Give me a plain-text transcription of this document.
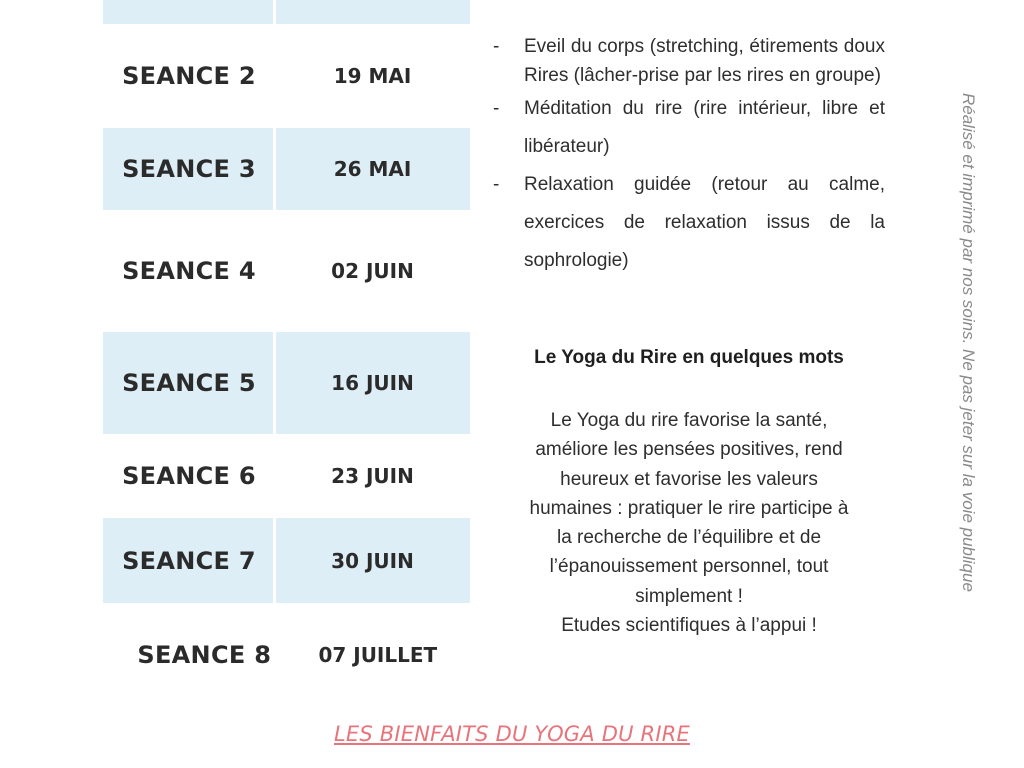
SEANCE 2	19 MAI
SEANCE 3	26 MAI
SEANCE 4	02 JUIN
SEANCE 5	16 JUIN
SEANCE 6	23 JUIN
SEANCE 7	30 JUIN
SEANCE 8	07 JUILLET
- Eveil du corps (stretching, étirements doux Rires (lâcher-prise par les rires en groupe)
- Méditation du rire (rire intérieur, libre et libérateur)
- Relaxation guidée (retour au calme, exercices de relaxation issus de la sophrologie)
Le Yoga du Rire en quelques mots
Le Yoga du rire favorise la santé,
améliore les pensées positives, rend
heureux et favorise les valeurs
humaines : pratiquer le rire participe à
la recherche de l’équilibre et de
l’épanouissement personnel, tout
simplement !
Etudes scientifiques à l’appui !
Réalisé et imprimé par nos soins. Ne pas jeter sur la voie publique
LES BIENFAITS DU YOGA DU RIRE
